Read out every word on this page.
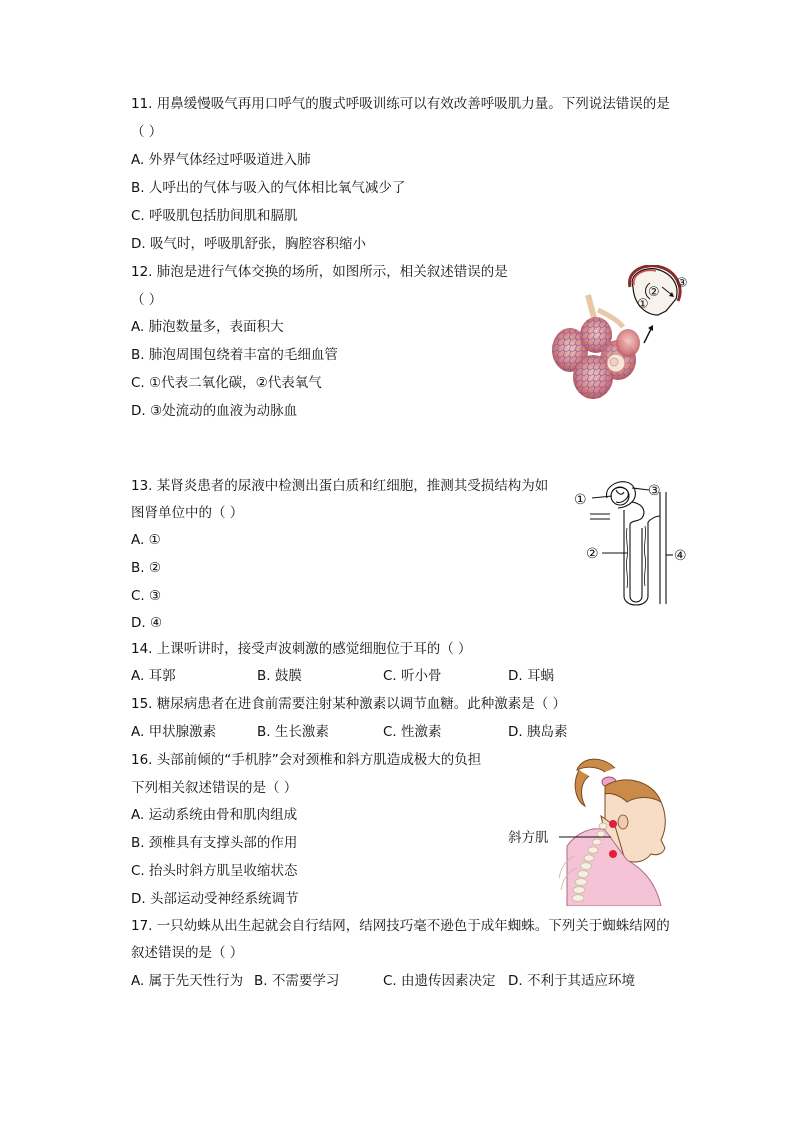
11. 用鼻缓慢吸气再用口呼气的腹式呼吸训练可以有效改善呼吸肌力量。下列说法错误的是
（ ）
A. 外界气体经过呼吸道进入肺
B. 人呼出的气体与吸入的气体相比氧气减少了
C. 呼吸肌包括肋间肌和膈肌
D. 吸气时，呼吸肌舒张，胸腔容积缩小
12. 肺泡是进行气体交换的场所，如图所示，相关叙述错误的是
（ ）
A. 肺泡数量多，表面积大
B. 肺泡周围包绕着丰富的毛细血管
C. ①代表二氧化碳，②代表氧气
D. ③处流动的血液为动脉血
①
②
③
13. 某肾炎患者的尿液中检测出蛋白质和红细胞，推测其受损结构为如
图肾单位中的（ ）
A. ①
B. ②
C. ③
D. ④
①
②
③
④
14. 上课听讲时，接受声波刺激的感觉细胞位于耳的（ ）
A. 耳郭	B. 鼓膜	C. 听小骨	D. 耳蜗
15. 糖尿病患者在进食前需要注射某种激素以调节血糖。此种激素是（ ）
A. 甲状腺激素	B. 生长激素	C. 性激素	D. 胰岛素
16. 头部前倾的“手机脖”会对颈椎和斜方肌造成极大的负担
下列相关叙述错误的是（ ）
A. 运动系统由骨和肌肉组成
B. 颈椎具有支撑头部的作用
C. 抬头时斜方肌呈收缩状态
D. 头部运动受神经系统调节
斜方肌
17. 一只幼蛛从出生起就会自行结网，结网技巧毫不逊色于成年蜘蛛。下列关于蜘蛛结网的
叙述错误的是（ ）
A. 属于先天性行为 B. 不需要学习	C. 由遗传因素决定 D. 不利于其适应环境
